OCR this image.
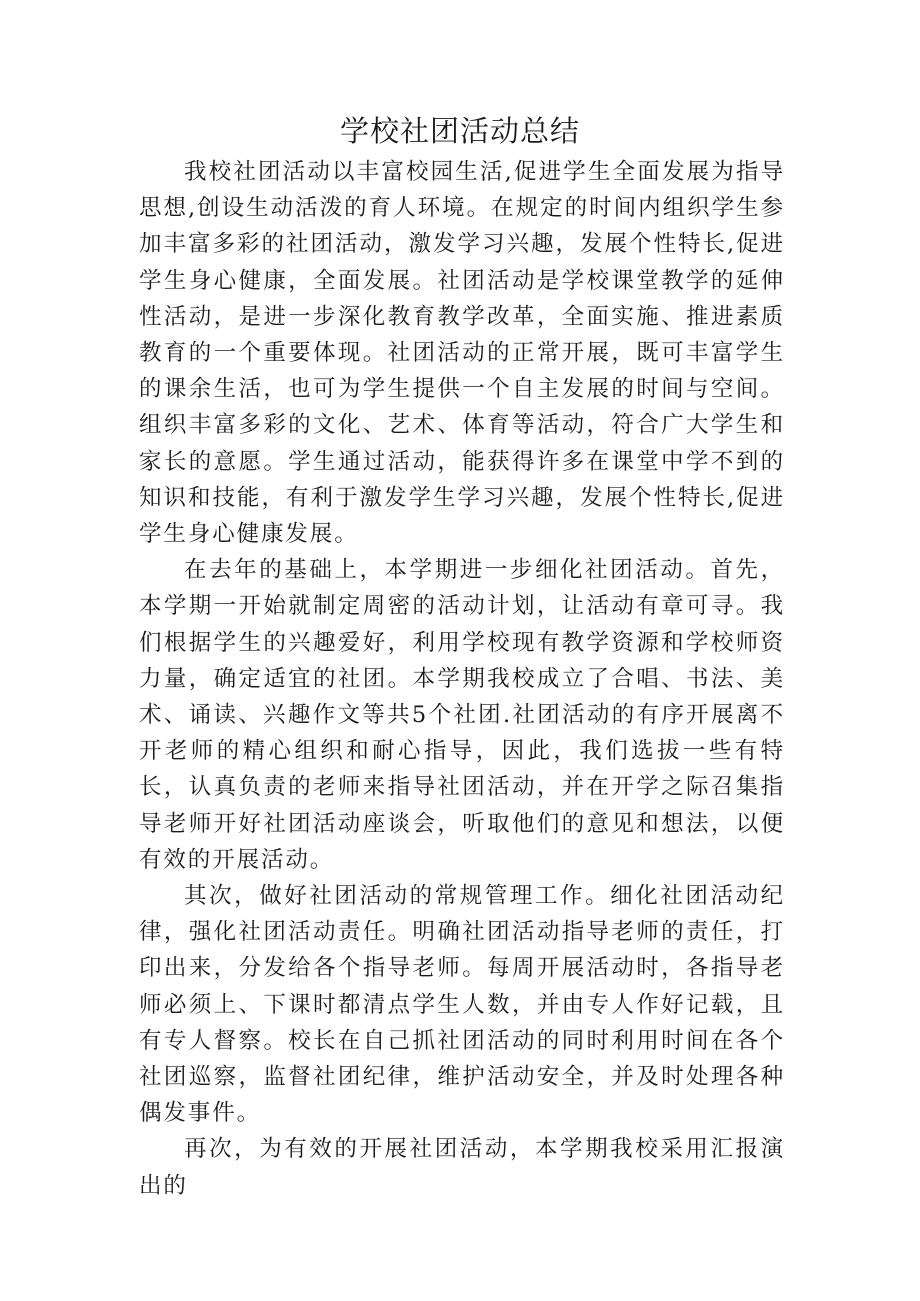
学校社团活动总结

我校社团活动以丰富校园生活,促进学生全面发展为指导思想,创设生动活泼的育人环境。在规定的时间内组织学生参加丰富多彩的社团活动，激发学习兴趣，发展个性特长,促进学生身心健康，全面发展。社团活动是学校课堂教学的延伸性活动，是进一步深化教育教学改革，全面实施、推进素质教育的一个重要体现。社团活动的正常开展，既可丰富学生的课余生活，也可为学生提供一个自主发展的时间与空间。组织丰富多彩的文化、艺术、体育等活动，符合广大学生和家长的意愿。学生通过活动，能获得许多在课堂中学不到的知识和技能，有利于激发学生学习兴趣，发展个性特长,促进学生身心健康发展。

在去年的基础上，本学期进一步细化社团活动。首先，本学期一开始就制定周密的活动计划，让活动有章可寻。我们根据学生的兴趣爱好，利用学校现有教学资源和学校师资力量，确定适宜的社团。本学期我校成立了合唱、书法、美术、诵读、兴趣作文等共5个社团.社团活动的有序开展离不开老师的精心组织和耐心指导，因此，我们选拔一些有特长，认真负责的老师来指导社团活动，并在开学之际召集指导老师开好社团活动座谈会，听取他们的意见和想法，以便有效的开展活动。

其次，做好社团活动的常规管理工作。细化社团活动纪律，强化社团活动责任。明确社团活动指导老师的责任，打印出来，分发给各个指导老师。每周开展活动时，各指导老师必须上、下课时都清点学生人数，并由专人作好记载，且有专人督察。校长在自己抓社团活动的同时利用时间在各个社团巡察，监督社团纪律，维护活动安全，并及时处理各种偶发事件。

再次，为有效的开展社团活动，本学期我校采用汇报演出的
